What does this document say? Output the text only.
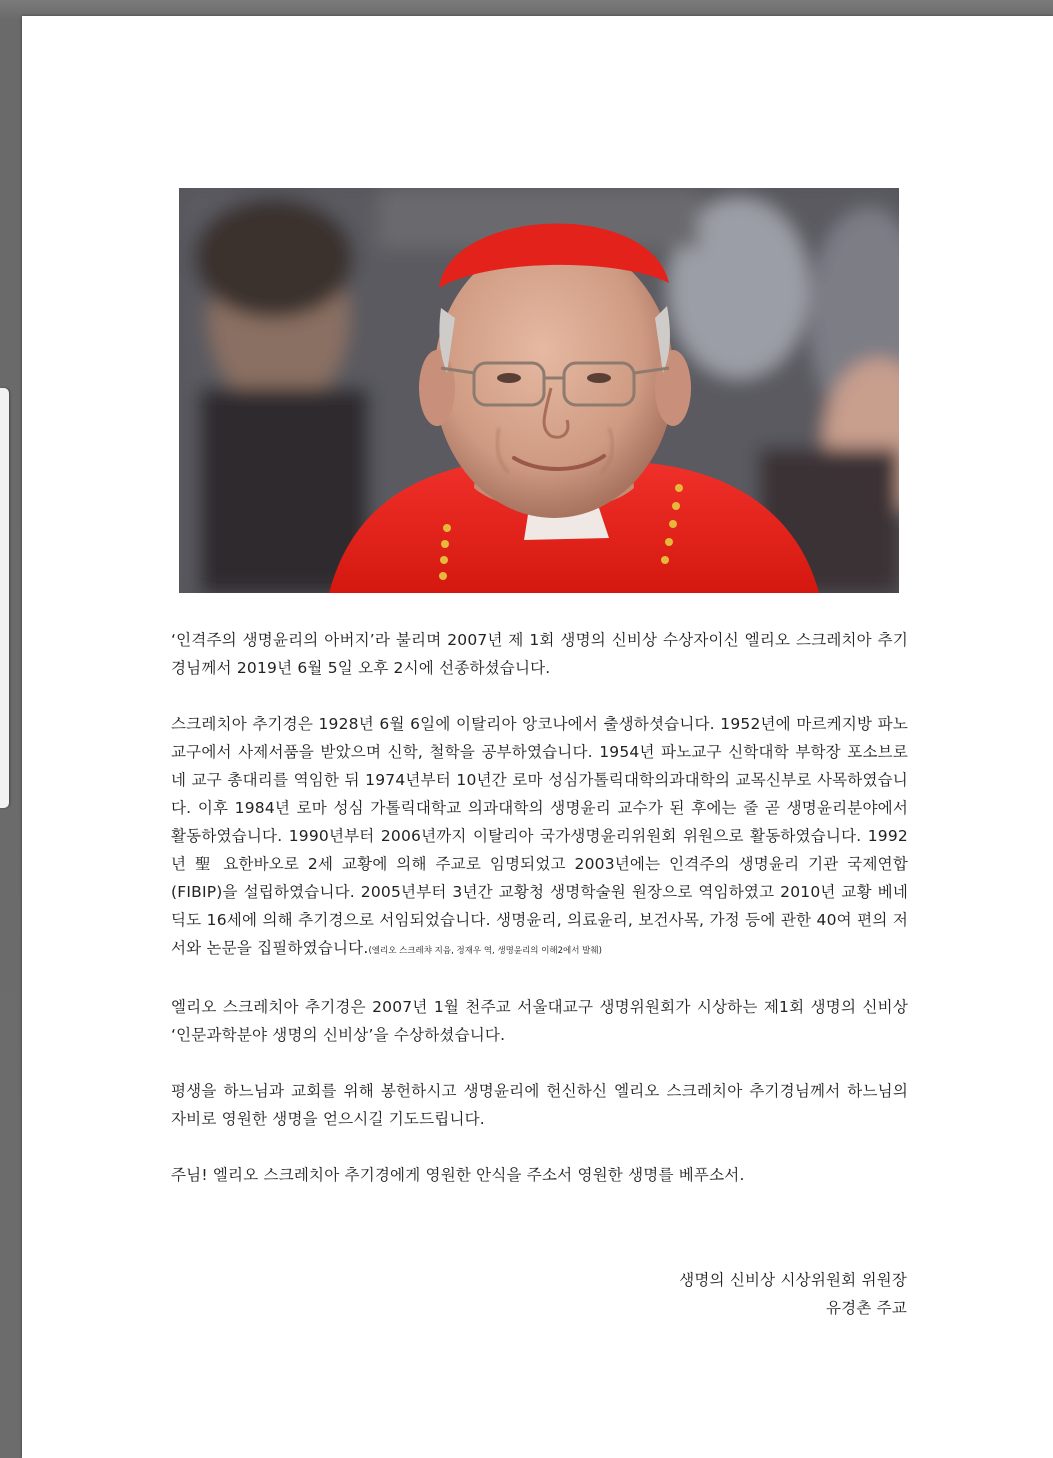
‘인격주의 생명윤리의 아버지’라 불리며 2007년 제 1회 생명의 신비상 수상자이신 엘리오 스크레치아 추기경님께서 2019년 6월 5일 오후 2시에 선종하셨습니다.

스크레치아 추기경은 1928년 6월 6일에 이탈리아 앙코나에서 출생하셧습니다. 1952년에 마르케지방 파노교구에서 사제서품을 받았으며 신학, 철학을 공부하였습니다. 1954년 파노교구 신학대학 부학장 포소브로네 교구 총대리를 역임한 뒤 1974년부터 10년간 로마 성심가톨릭대학의과대학의 교목신부로 사목하였습니다. 이후 1984년 로마 성심 가톨릭대학교 의과대학의 생명윤리 교수가 된 후에는 줄 곧 생명윤리분야에서 활동하였습니다. 1990년부터 2006년까지 이탈리아 국가생명윤리위원회 위원으로 활동하였습니다. 1992년 聖 요한바오로 2세 교황에 의해 주교로 임명되었고 2003년에는 인격주의 생명윤리 기관 국제연합(FIBIP)을 설립하였습니다. 2005년부터 3년간 교황청 생명학술원 원장으로 역임하였고 2010년 교황 베네딕도 16세에 의해 추기경으로 서임되었습니다. 생명윤리, 의료윤리, 보건사목, 가정 등에 관한 40여 편의 저서와 논문을 집필하였습니다.(엘리오 스크레챠 지음, 정재우 역, 생명윤리의 이해2에서 발췌)

엘리오 스크레치아 추기경은 2007년 1월 천주교 서울대교구 생명위원회가 시상하는 제1회 생명의 신비상 ‘인문과학분야 생명의 신비상’을 수상하셨습니다.

평생을 하느님과 교회를 위해 봉헌하시고 생명윤리에 헌신하신 엘리오 스크레치아 추기경님께서 하느님의 자비로 영원한 생명을 얻으시길 기도드립니다.

주님! 엘리오 스크레치아 추기경에게 영원한 안식을 주소서 영원한 생명를 베푸소서.

생명의 신비상 시상위원회 위원장
유경촌 주교
